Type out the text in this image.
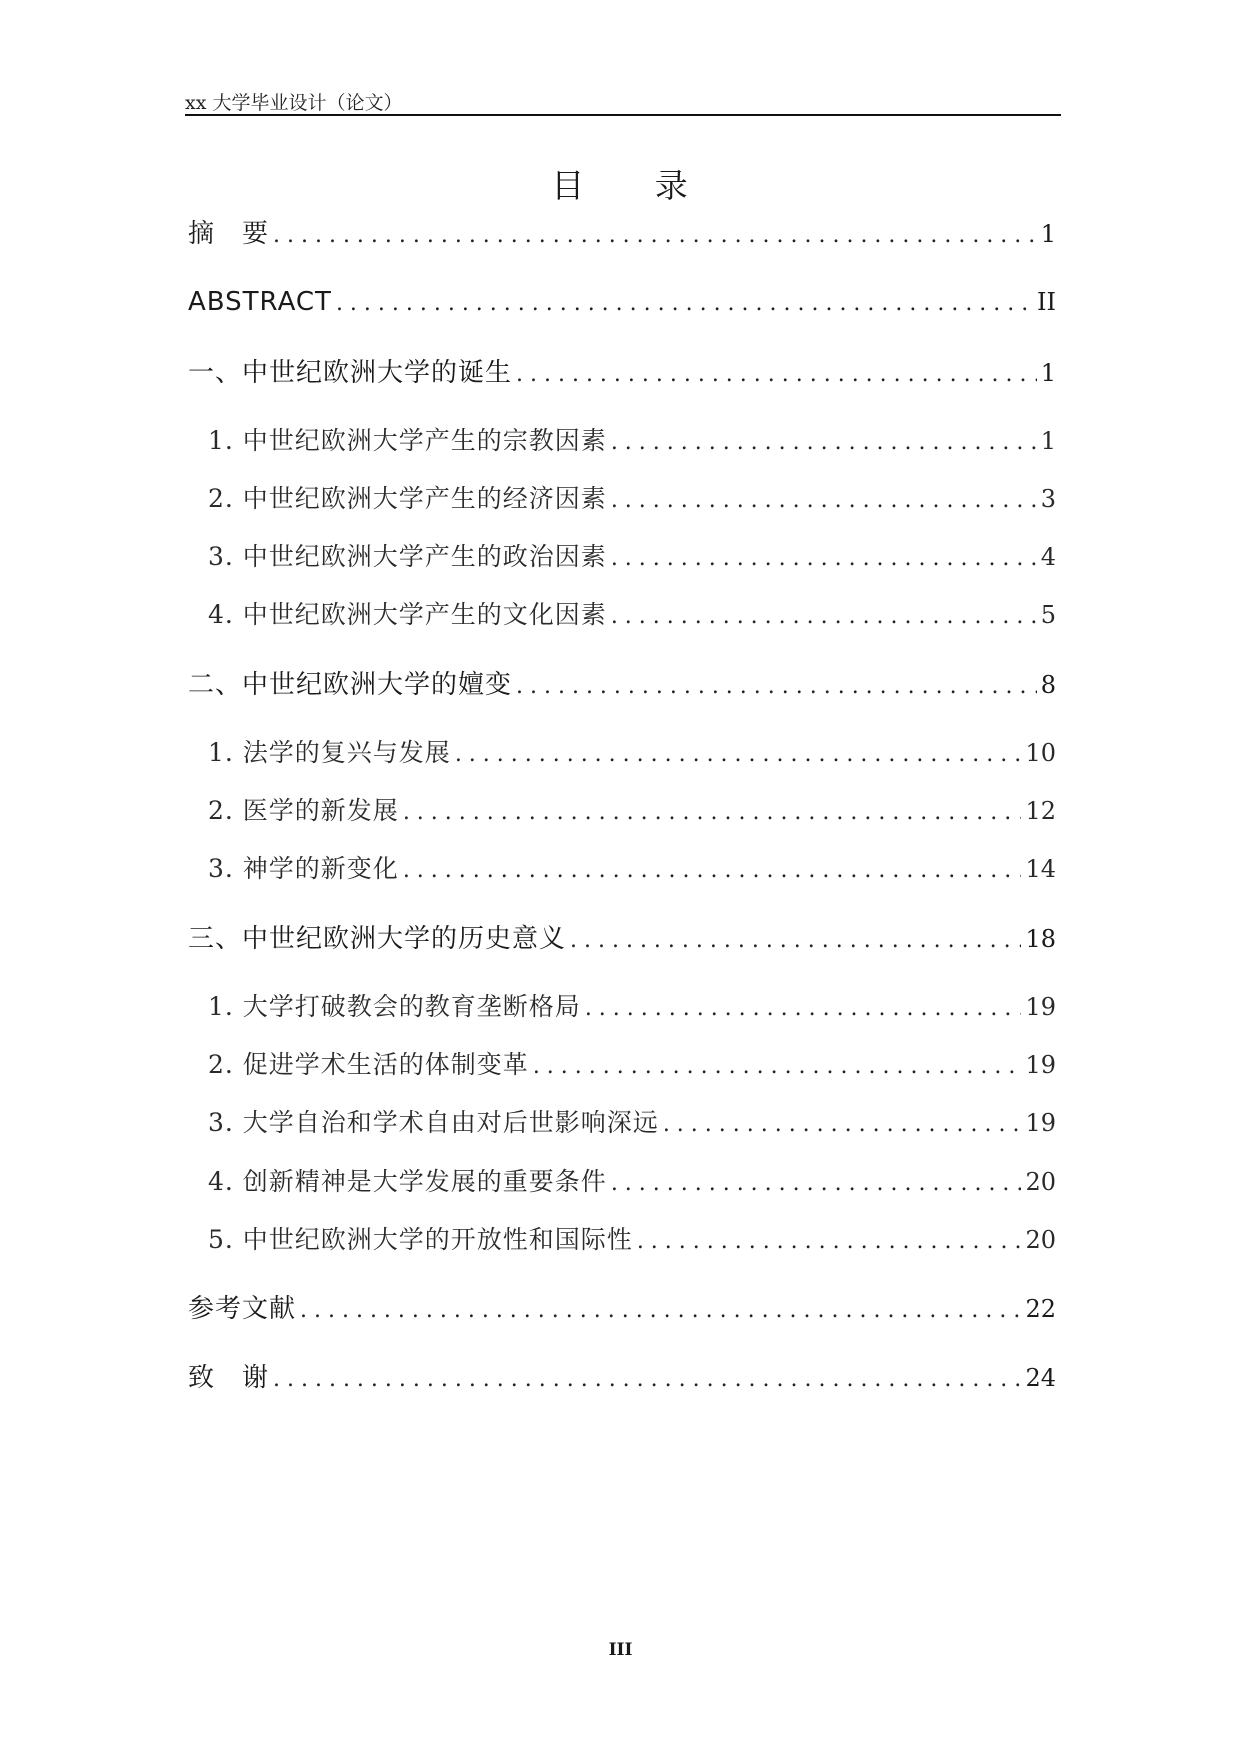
xx 大学毕业设计（论文）
目 录
摘　要 . . .	1
ABSTRACT . . .	II
一、中世纪欧洲大学的诞生 . . .	1
1. 中世纪欧洲大学产生的宗教因素 . . .	1
2. 中世纪欧洲大学产生的经济因素 . . .	3
3. 中世纪欧洲大学产生的政治因素 . . .	4
4. 中世纪欧洲大学产生的文化因素 . . .	5
二、中世纪欧洲大学的嬗变 . . .	8
1. 法学的复兴与发展 . . .	10
2. 医学的新发展 . . .	12
3. 神学的新变化 . . .	14
三、中世纪欧洲大学的历史意义 . . .	18
1. 大学打破教会的教育垄断格局 . . .	19
2. 促进学术生活的体制变革 . . .	19
3. 大学自治和学术自由对后世影响深远 . . .	19
4. 创新精神是大学发展的重要条件 . . .	20
5. 中世纪欧洲大学的开放性和国际性 . . .	20
参考文献 . . .	22
致　谢 . . .	24
III
